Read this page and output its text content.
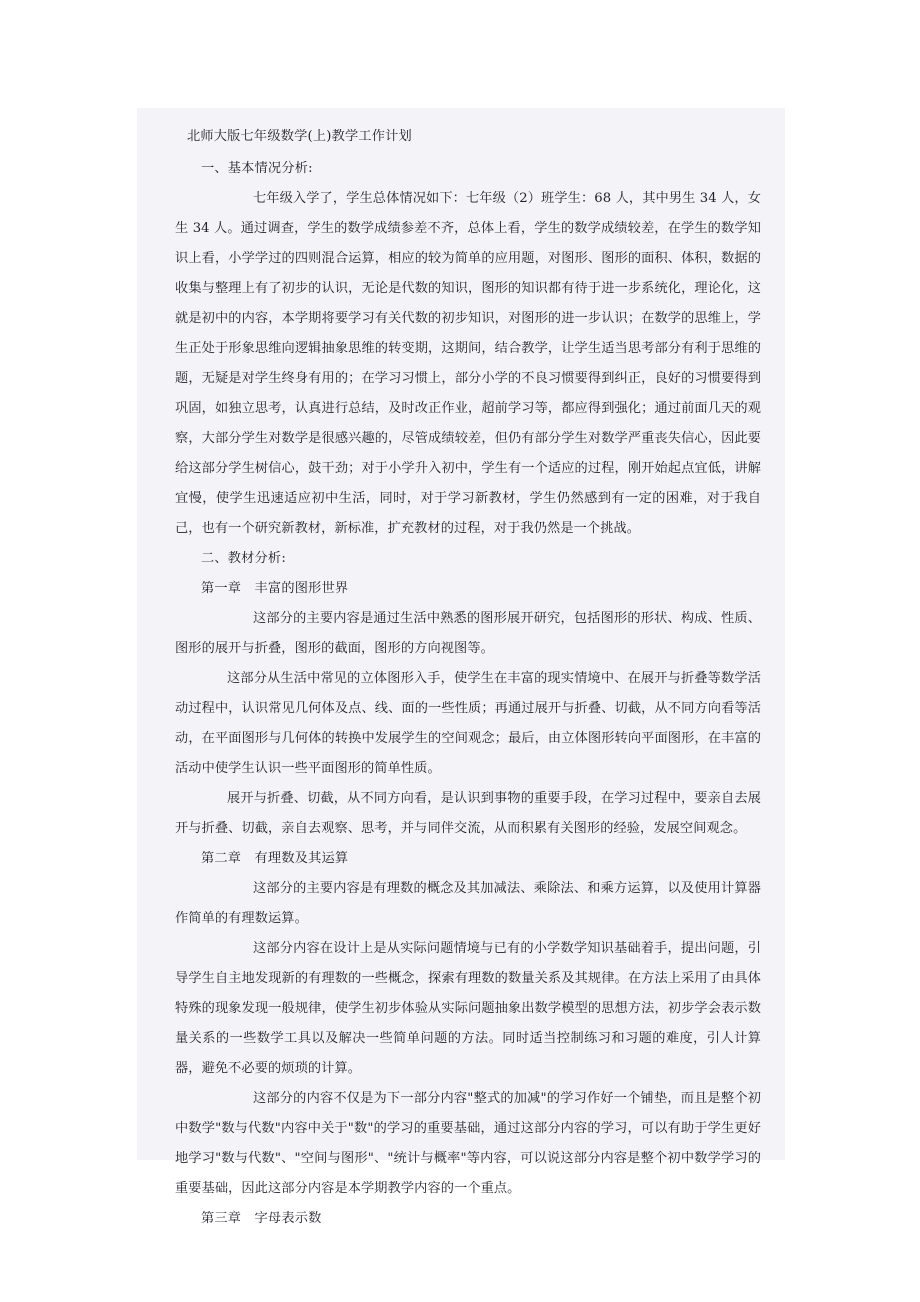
北师大版七年级数学(上)教学工作计划

一、基本情况分析:

七年级入学了，学生总体情况如下：七年级（2）班学生：68 人，其中男生 34 人，女生 34 人。通过调查，学生的数学成绩参差不齐，总体上看，学生的数学成绩较差，在学生的数学知识上看，小学学过的四则混合运算，相应的较为简单的应用题，对图形、图形的面积、体积，数据的收集与整理上有了初步的认识，无论是代数的知识，图形的知识都有待于进一步系统化，理论化，这就是初中的内容，本学期将要学习有关代数的初步知识，对图形的进一步认识；在数学的思维上，学生正处于形象思维向逻辑抽象思维的转变期，这期间，结合教学，让学生适当思考部分有利于思维的题，无疑是对学生终身有用的；在学习习惯上，部分小学的不良习惯要得到纠正，良好的习惯要得到巩固，如独立思考，认真进行总结，及时改正作业，超前学习等，都应得到强化；通过前面几天的观察，大部分学生对数学是很感兴趣的，尽管成绩较差，但仍有部分学生对数学严重丧失信心，因此要给这部分学生树信心，鼓干劲；对于小学升入初中，学生有一个适应的过程，刚开始起点宜低，讲解宜慢，使学生迅速适应初中生活，同时，对于学习新教材，学生仍然感到有一定的困难，对于我自己，也有一个研究新教材，新标准，扩充教材的过程，对于我仍然是一个挑战。

二、教材分析:

第一章　丰富的图形世界

这部分的主要内容是通过生活中熟悉的图形展开研究，包括图形的形状、构成、性质、图形的展开与折叠，图形的截面，图形的方向视图等。

这部分从生活中常见的立体图形入手，使学生在丰富的现实情境中、在展开与折叠等数学活动过程中，认识常见几何体及点、线、面的一些性质；再通过展开与折叠、切截，从不同方向看等活动，在平面图形与几何体的转换中发展学生的空间观念；最后，由立体图形转向平面图形，在丰富的活动中使学生认识一些平面图形的简单性质。

展开与折叠、切截，从不同方向看，是认识到事物的重要手段，在学习过程中，要亲自去展开与折叠、切截，亲自去观察、思考，并与同伴交流，从而积累有关图形的经验，发展空间观念。

第二章　有理数及其运算

这部分的主要内容是有理数的概念及其加减法、乘除法、和乘方运算，以及使用计算器作简单的有理数运算。

这部分内容在设计上是从实际问题情境与已有的小学数学知识基础着手，提出问题，引导学生自主地发现新的有理数的一些概念，探索有理数的数量关系及其规律。在方法上采用了由具体特殊的现象发现一般规律，使学生初步体验从实际问题抽象出数学模型的思想方法，初步学会表示数量关系的一些数学工具以及解决一些简单问题的方法。同时适当控制练习和习题的难度，引人计算器，避免不必要的烦琐的计算。

这部分的内容不仅是为下一部分内容"整式的加减"的学习作好一个铺垫，而且是整个初中数学"数与代数"内容中关于"数"的学习的重要基础，通过这部分内容的学习，可以有助于学生更好地学习"数与代数"、"空间与图形"、"统计与概率"等内容，可以说这部分内容是整个初中数学学习的重要基础，因此这部分内容是本学期教学内容的一个重点。

第三章　字母表示数
